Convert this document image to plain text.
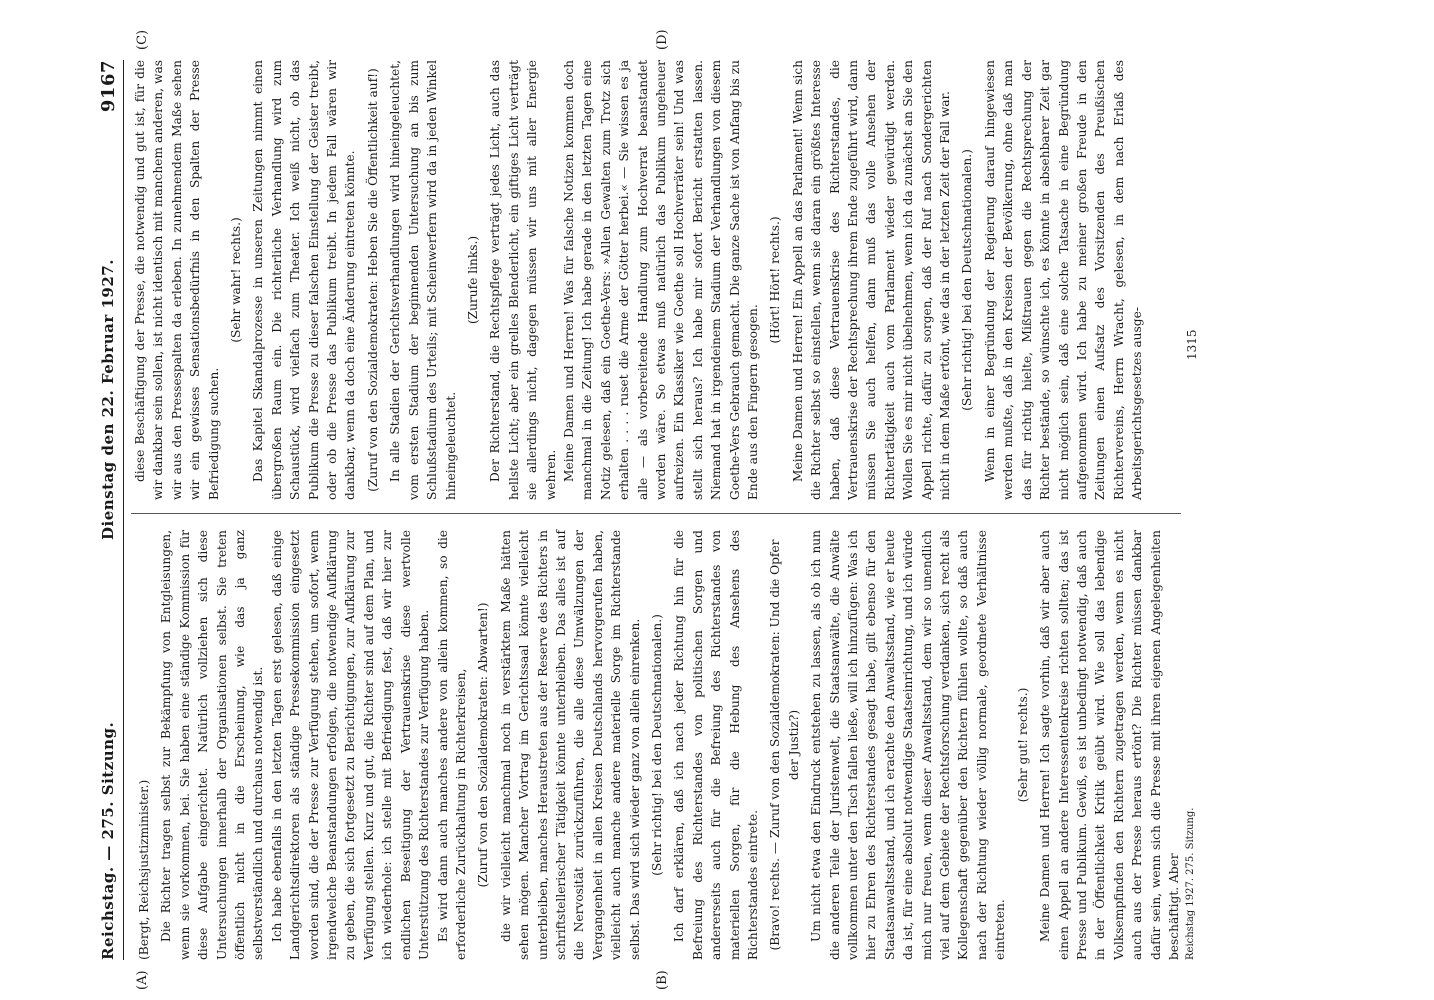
Reichstag. — 275. Sitzung.
Dienstag den 22. Februar 1927.
9167
(A)	(B)
(C)	(D)

(Bergt, Reichsjustizminister.) Die Richter tragen selbst zur Bekämpfung von Entgleisungen, wenn sie vorkommen, bei. Sie haben eine ständige Kommission für diese Aufgabe eingerichtet. Natürlich vollziehen sich diese Untersuchungen innerhalb der Organisationen selbst. Sie treten öffentlich nicht in die Erscheinung, wie das ja ganz selbstverständlich und durchaus notwendig ist. Ich habe ebenfalls in den letzten Tagen erst gelesen, daß einige Landgerichtsdirektoren als ständige Pressekommission eingesetzt worden sind, die der Presse zur Verfügung stehen, um sofort, wenn irgendwelche Beanstandungen erfolgen, die notwendige Aufklärung zu geben, die sich fortgesetzt zu Berichtigungen, zur Aufklärung zur Verfügung stellen. Kurz und gut, die Richter sind auf dem Plan, und ich wiederhole: ich stelle mit Befriedigung fest, daß wir hier zur endlichen Beseitigung der Vertrauenskrise diese wertvolle Unterstützung des Richterstandes zur Verfügung haben. Es wird dann auch manches andere von allein kommen, so die erforderliche Zurückhaltung in Richterkreisen, (Zuruf von den Sozialdemokraten: Abwarten!) die wir vielleicht manchmal noch in verstärktem Maße hätten sehen mögen. Mancher Vortrag im Gerichtssaal könnte vielleicht unterbleiben, manches Heraustreten aus der Reserve des Richters in schriftstellerischer Tätigkeit könnte unterbleiben. Das alles ist auf die Nervosität zurückzuführen, die alle diese Umwälzungen der Vergangenheit in allen Kreisen Deutschlands hervorgerufen haben, vielleicht auch manche andere materielle Sorge im Richterstande selbst. Das wird sich wieder ganz von allein einrenken. (Sehr richtig! bei den Deutschnationalen.) Ich darf erklären, daß ich nach jeder Richtung hin für die Befreiung des Richterstandes von politischen Sorgen und andererseits auch für die Befreiung des Richterstandes von materiellen Sorgen, für die Hebung des Ansehens des Richterstandes eintrete. (Bravo! rechts. — Zuruf von den Sozialdemokraten: Und die Opfer der Justiz?) Um nicht etwa den Eindruck entstehen zu lassen, als ob ich nun die anderen Teile der Juristenwelt, die Staatsanwälte, die Anwälte vollkommen unter den Tisch fallen ließe, will ich hinzufügen: Was ich hier zu Ehren des Richterstandes gesagt habe, gilt ebenso für den Staatsanwaltsstand, und ich erachte den Anwaltsstand, wie er heute da ist, für eine absolut notwendige Staatseinrichtung, und ich würde mich nur freuen, wenn dieser Anwaltsstand, dem wir so unendlich viel auf dem Gebiete der Rechtsforschung verdanken, sich recht als Kollegenschaft gegenüber den Richtern fühlen wollte, so daß auch nach der Richtung wieder völlig normale, geordnete Verhältnisse eintreten.

(Sehr gut! rechts.) Meine Damen und Herren! Ich sagte vorhin, daß wir aber auch einen Appell an andere Interessentenkreise richten sollten; das ist Presse und Publikum. Gewiß, es ist unbedingt notwendig, daß auch in der Öffentlichkeit Kritik geübt wird. Wie soll das lebendige Volksempfinden den Richtern zugetragen werden, wenn es nicht auch aus der Presse heraus ertönt? Die Richter müssen dankbar dafür sein, wenn sich die Presse mit ihren eigenen Angelegenheiten beschäftigt. Aber

diese Beschäftigung der Presse, die notwendig und gut ist, für die wir dankbar sein sollen, ist nicht identisch mit manchem anderen, was wir aus den Pressespalten da erleben. In zunehmendem Maße sehen wir ein gewisses Sensationsbedürfnis in den Spalten der Presse Befriedigung suchen.

(Sehr wahr! rechts.) Das Kapitel Skandalprozesse in unseren Zeitungen nimmt einen übergroßen Raum ein. Die richterliche Verhandlung wird zum Schaustück, wird vielfach zum Theater. Ich weiß nicht, ob das Publikum die Presse zu dieser falschen Einstellung der Geister treibt, oder ob die Presse das Publikum treibt. In jedem Fall wären wir dankbar, wenn da doch eine Änderung eintreten könnte. (Zuruf von den Sozialdemokraten: Heben Sie die Öffentlichkeit auf!) In alle Stadien der Gerichtsverhandlungen wird hineingeleuchtet, vom ersten Stadium der beginnenden Untersuchung an bis zum Schlußstadium des Urteils; mit Scheinwerfern wird da in jeden Winkel hineingeleuchtet.

(Zurufe links.) Der Richterstand, die Rechtspflege verträgt jedes Licht, auch das hellste Licht; aber ein grelles Blenderlicht, ein giftiges Licht verträgt sie allerdings nicht, dagegen müssen wir uns mit aller Energie wehren. Meine Damen und Herren! Was für falsche Notizen kommen doch manchmal in die Zeitung! Ich habe gerade in den letzten Tagen eine Notiz gelesen, daß ein Goethe-Vers: »Allen Gewalten zum Trotz sich erhalten . . . . ruset die Arme der Götter herbei.« — Sie wissen es ja alle — als vorbereitende Handlung zum Hochverrat beanstandet worden wäre. So etwas muß natürlich das Publikum ungeheuer aufreizen. Ein Klassiker wie Goethe soll Hochverräter sein! Und was stellt sich heraus? Ich habe mir sofort Bericht erstatten lassen. Niemand hat in irgendeinem Stadium der Verhandlungen von diesem Goethe-Vers Gebrauch gemacht. Die ganze Sache ist von Anfang bis zu Ende aus den Fingern gesogen.

(Hört! Hört! rechts.) Meine Damen und Herren! Ein Appell an das Parlament! Wenn sich die Richter selbst so einstellen, wenn sie daran ein größtes Interesse haben, daß diese Vertrauenskrise des Richterstandes, die Vertrauenskrise der Rechtsprechung ihrem Ende zugeführt wird, dann müssen Sie auch helfen, dann muß das volle Ansehen der Richtertätigkeit auch vom Parlament wieder gewürdigt werden. Wollen Sie es mir nicht übelnehmen, wenn ich da zunächst an Sie den Appell richte, dafür zu sorgen, daß der Ruf nach Sondergerichten nicht in dem Maße ertönt, wie das in der letzten Zeit der Fall war. (Sehr richtig! bei den Deutschnationalen.) Wenn in einer Begründung der Regierung darauf hingewiesen werden mußte, daß in den Kreisen der Bevölkerung, ohne daß man das für richtig hielte, Mißtrauen gegen die Rechtsprechung der Richter bestände, so wünschte ich, es könnte in absehbarer Zeit gar nicht möglich sein, daß eine solche Tatsache in eine Begründung aufgenommen wird. Ich habe zu meiner großen Freude in den Zeitungen einen Aufsatz des Vorsitzenden des Preußischen Richtervereins, Herrn Wracht, gelesen, in dem nach Erlaß des Arbeitsgerichtsgesetzes ausge-

Reichstag 1927. 275. Sitzung.
1315
